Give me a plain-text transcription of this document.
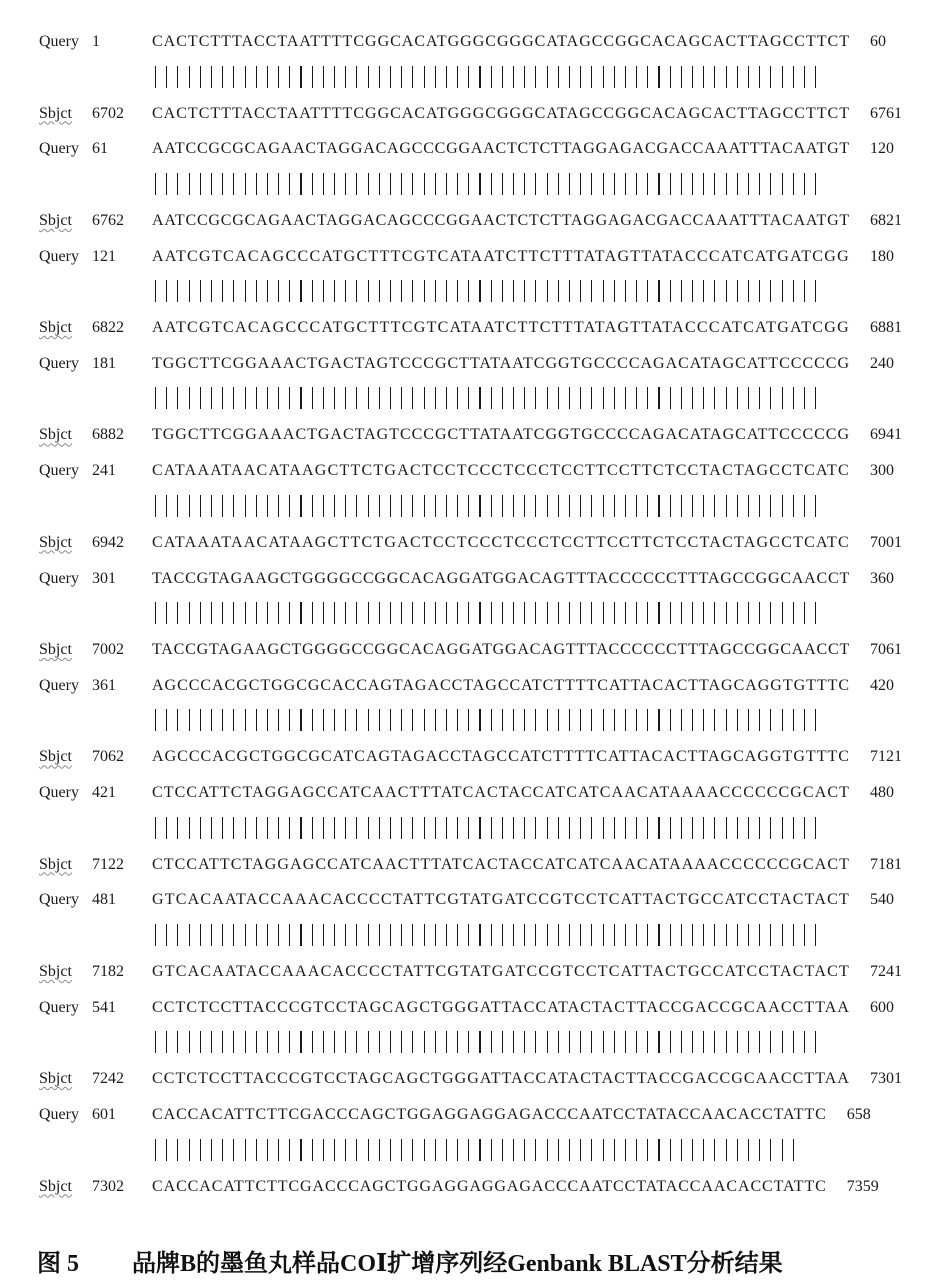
Query 1	CACTCTTTACCTAATTTTCGGCACATGGGCGGGCATAGCCGGCACAGCACTTAGCCTTCT 60
Sbjct 6702 CACTCTTTACCTAATTTTCGGCACATGGGCGGGCATAGCCGGCACAGCACTTAGCCTTCT 6761
Query 61	AATCCGCGCAGAACTAGGACAGCCCGGAACTCTCTTAGGAGACGACCAAATTTACAATGT 120
Sbjct 6762 AATCCGCGCAGAACTAGGACAGCCCGGAACTCTCTTAGGAGACGACCAAATTTACAATGT 6821
Query 121 AATCGTCACAGCCCATGCTTTCGTCATAATCTTCTTTATAGTTATACCCATCATGATCGG 180
Sbjct 6822 AATCGTCACAGCCCATGCTTTCGTCATAATCTTCTTTATAGTTATACCCATCATGATCGG 6881
Query 181 TGGCTTCGGAAACTGACTAGTCCCGCTTATAATCGGTGCCCCAGACATAGCATTCCCCCG 240
Sbjct 6882 TGGCTTCGGAAACTGACTAGTCCCGCTTATAATCGGTGCCCCAGACATAGCATTCCCCCG 6941
Query 241 CATAAATAACATAAGCTTCTGACTCCTCCCTCCCTCCTTCCTTCTCCTACTAGCCTCATC 300
Sbjct 6942 CATAAATAACATAAGCTTCTGACTCCTCCCTCCCTCCTTCCTTCTCCTACTAGCCTCATC 7001
Query 301 TACCGTAGAAGCTGGGGCCGGCACAGGATGGACAGTTTACCCCCCTTTAGCCGGCAACCT 360
Sbjct 7002 TACCGTAGAAGCTGGGGCCGGCACAGGATGGACAGTTTACCCCCCTTTAGCCGGCAACCT 7061
Query 361 AGCCCACGCTGGCGCACCAGTAGACCTAGCCATCTTTTCATTACACTTAGCAGGTGTTTC 420
Sbjct 7062 AGCCCACGCTGGCGCATCAGTAGACCTAGCCATCTTTTCATTACACTTAGCAGGTGTTTC 7121
Query 421 CTCCATTCTAGGAGCCATCAACTTTATCACTACCATCATCAACATAAAACCCCCCGCACT 480
Sbjct 7122 CTCCATTCTAGGAGCCATCAACTTTATCACTACCATCATCAACATAAAACCCCCCGCACT 7181
Query 481 GTCACAATACCAAACACCCCTATTCGTATGATCCGTCCTCATTACTGCCATCCTACTACT 540
Sbjct 7182 GTCACAATACCAAACACCCCTATTCGTATGATCCGTCCTCATTACTGCCATCCTACTACT 7241
Query 541 CCTCTCCTTACCCGTCCTAGCAGCTGGGATTACCATACTACTTACCGACCGCAACCTTAA 600
Sbjct 7242 CCTCTCCTTACCCGTCCTAGCAGCTGGGATTACCATACTACTTACCGACCGCAACCTTAA 7301
Query 601 CACCACATTCTTCGACCCAGCTGGAGGAGGAGACCCAATCCTATACCAACACCTATTC 658
Sbjct 7302 CACCACATTCTTCGACCCAGCTGGAGGAGGAGACCCAATCCTATACCAACACCTATTC 7359
图 5 品牌B的墨鱼丸样品COⅠ扩增序列经Genbank BLAST分析结果
